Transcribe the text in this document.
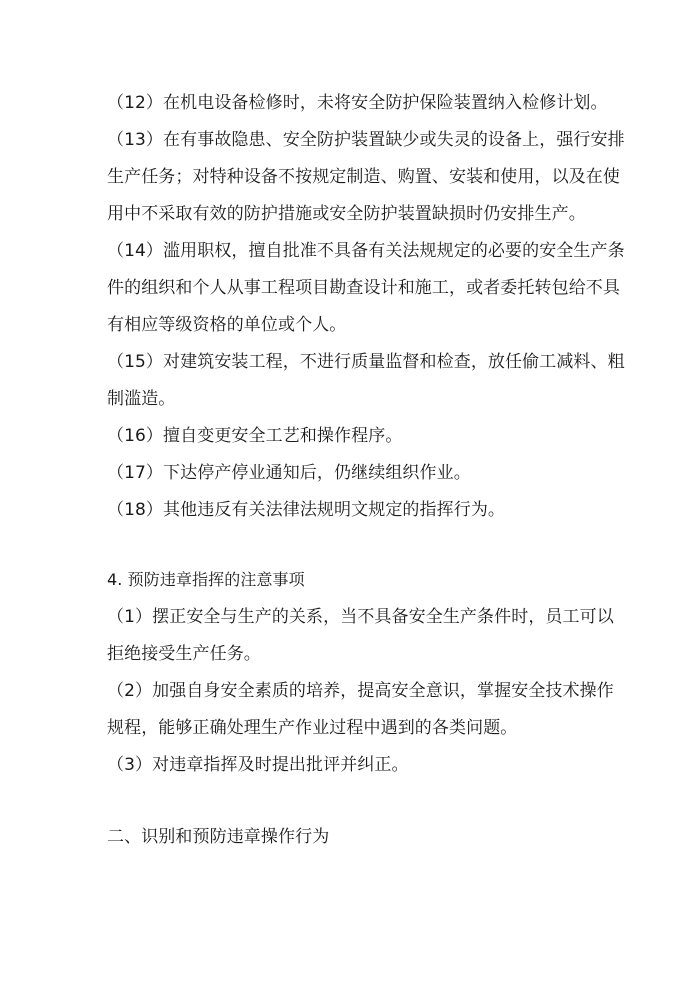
（12）在机电设备检修时，未将安全防护保险装置纳入检修计划。
（13）在有事故隐患、安全防护装置缺少或失灵的设备上，强行安排
生产任务；对特种设备不按规定制造、购置、安装和使用，以及在使
用中不采取有效的防护措施或安全防护装置缺损时仍安排生产。
（14）滥用职权，擅自批准不具备有关法规规定的必要的安全生产条
件的组织和个人从事工程项目勘查设计和施工，或者委托转包给不具
有相应等级资格的单位或个人。
（15）对建筑安装工程，不进行质量监督和检查，放任偷工减料、粗
制滥造。
（16）擅自变更安全工艺和操作程序。
（17）下达停产停业通知后，仍继续组织作业。
（18）其他违反有关法律法规明文规定的指挥行为。
4. 预防违章指挥的注意事项
（1）摆正安全与生产的关系，当不具备安全生产条件时，员工可以
拒绝接受生产任务。
（2）加强自身安全素质的培养，提高安全意识，掌握安全技术操作
规程，能够正确处理生产作业过程中遇到的各类问题。
（3）对违章指挥及时提出批评并纠正。
二、识别和预防违章操作行为
